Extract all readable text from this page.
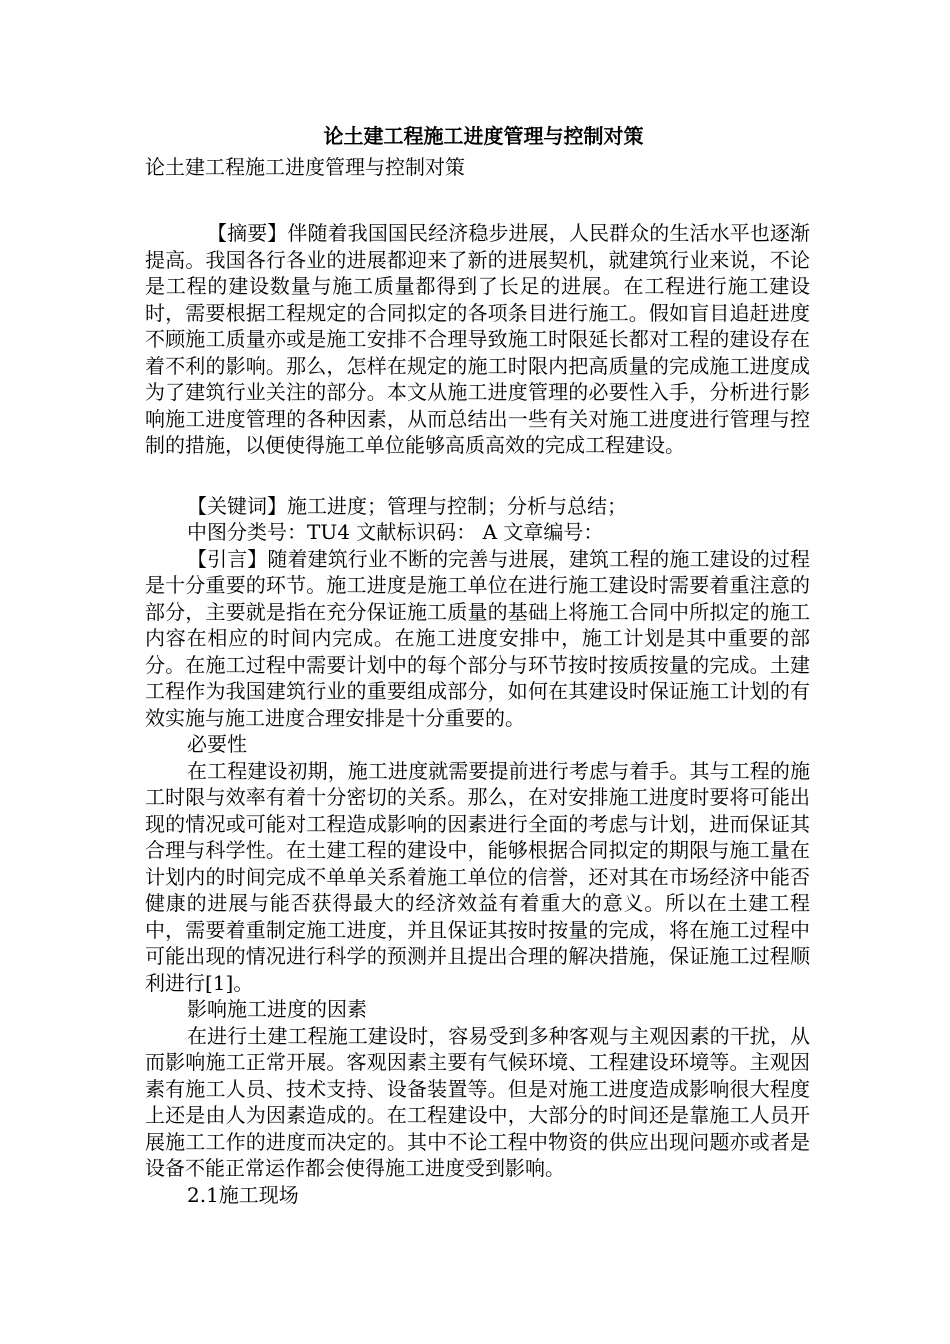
论土建工程施工进度管理与控制对策
论土建工程施工进度管理与控制对策

【摘要】伴随着我国国民经济稳步进展，人民群众的生活水平也逐渐提高。我国各行各业的进展都迎来了新的进展契机，就建筑行业来说，不论是工程的建设数量与施工质量都得到了长足的进展。在工程进行施工建设时，需要根据工程规定的合同拟定的各项条目进行施工。假如盲目追赶进度不顾施工质量亦或是施工安排不合理导致施工时限延长都对工程的建设存在着不利的影响。那么，怎样在规定的施工时限内把高质量的完成施工进度成为了建筑行业关注的部分。本文从施工进度管理的必要性入手，分析进行影响施工进度管理的各种因素，从而总结出一些有关对施工进度进行管理与控制的措施，以便使得施工单位能够高质高效的完成工程建设。

【关键词】施工进度；管理与控制；分析与总结；

中图分类号：TU4 文献标识码： A 文章编号：

【引言】随着建筑行业不断的完善与进展，建筑工程的施工建设的过程是十分重要的环节。施工进度是施工单位在进行施工建设时需要着重注意的部分，主要就是指在充分保证施工质量的基础上将施工合同中所拟定的施工内容在相应的时间内完成。在施工进度安排中，施工计划是其中重要的部分。在施工过程中需要计划中的每个部分与环节按时按质按量的完成。土建工程作为我国建筑行业的重要组成部分，如何在其建设时保证施工计划的有效实施与施工进度合理安排是十分重要的。

必要性

在工程建设初期，施工进度就需要提前进行考虑与着手。其与工程的施工时限与效率有着十分密切的关系。那么，在对安排施工进度时要将可能出现的情况或可能对工程造成影响的因素进行全面的考虑与计划，进而保证其合理与科学性。在土建工程的建设中，能够根据合同拟定的期限与施工量在计划内的时间完成不单单关系着施工单位的信誉，还对其在市场经济中能否健康的进展与能否获得最大的经济效益有着重大的意义。所以在土建工程中，需要着重制定施工进度，并且保证其按时按量的完成，将在施工过程中可能出现的情况进行科学的预测并且提出合理的解决措施，保证施工过程顺利进行[1]。

影响施工进度的因素

在进行土建工程施工建设时，容易受到多种客观与主观因素的干扰，从而影响施工正常开展。客观因素主要有气候环境、工程建设环境等。主观因素有施工人员、技术支持、设备装置等。但是对施工进度造成影响很大程度上还是由人为因素造成的。在工程建设中，大部分的时间还是靠施工人员开展施工工作的进度而决定的。其中不论工程中物资的供应出现问题亦或者是设备不能正常运作都会使得施工进度受到影响。

2.1施工现场
